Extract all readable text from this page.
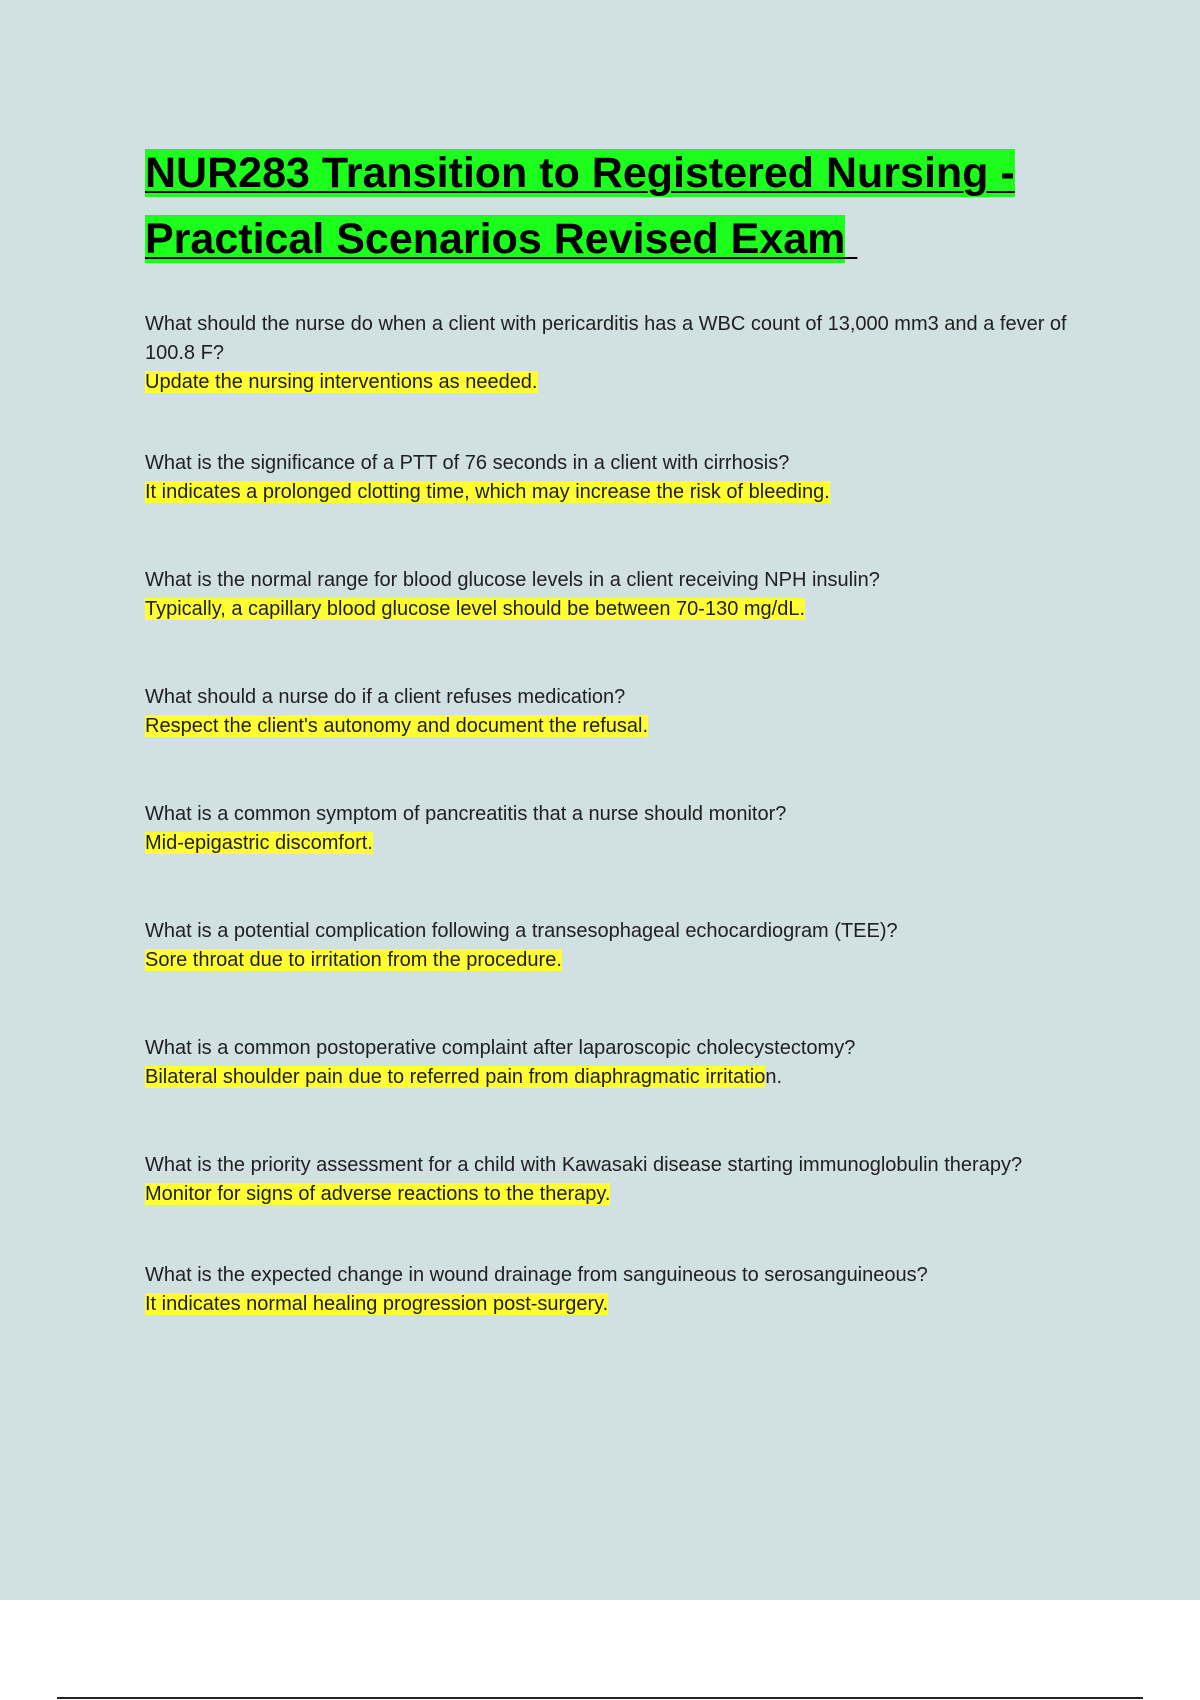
NUR283 Transition to Registered Nursing -
Practical Scenarios Revised Exam
What should the nurse do when a client with pericarditis has a WBC count of 13,000 mm3 and a fever of 100.8 F?
Update the nursing interventions as needed.
What is the significance of a PTT of 76 seconds in a client with cirrhosis?
It indicates a prolonged clotting time, which may increase the risk of bleeding.
What is the normal range for blood glucose levels in a client receiving NPH insulin?
Typically, a capillary blood glucose level should be between 70-130 mg/dL.
What should a nurse do if a client refuses medication?
Respect the client's autonomy and document the refusal.
What is a common symptom of pancreatitis that a nurse should monitor?
Mid-epigastric discomfort.
What is a potential complication following a transesophageal echocardiogram (TEE)?
Sore throat due to irritation from the procedure.
What is a common postoperative complaint after laparoscopic cholecystectomy?
Bilateral shoulder pain due to referred pain from diaphragmatic irritation.
What is the priority assessment for a child with Kawasaki disease starting immunoglobulin therapy?
Monitor for signs of adverse reactions to the therapy.
What is the expected change in wound drainage from sanguineous to serosanguineous?
It indicates normal healing progression post-surgery.
